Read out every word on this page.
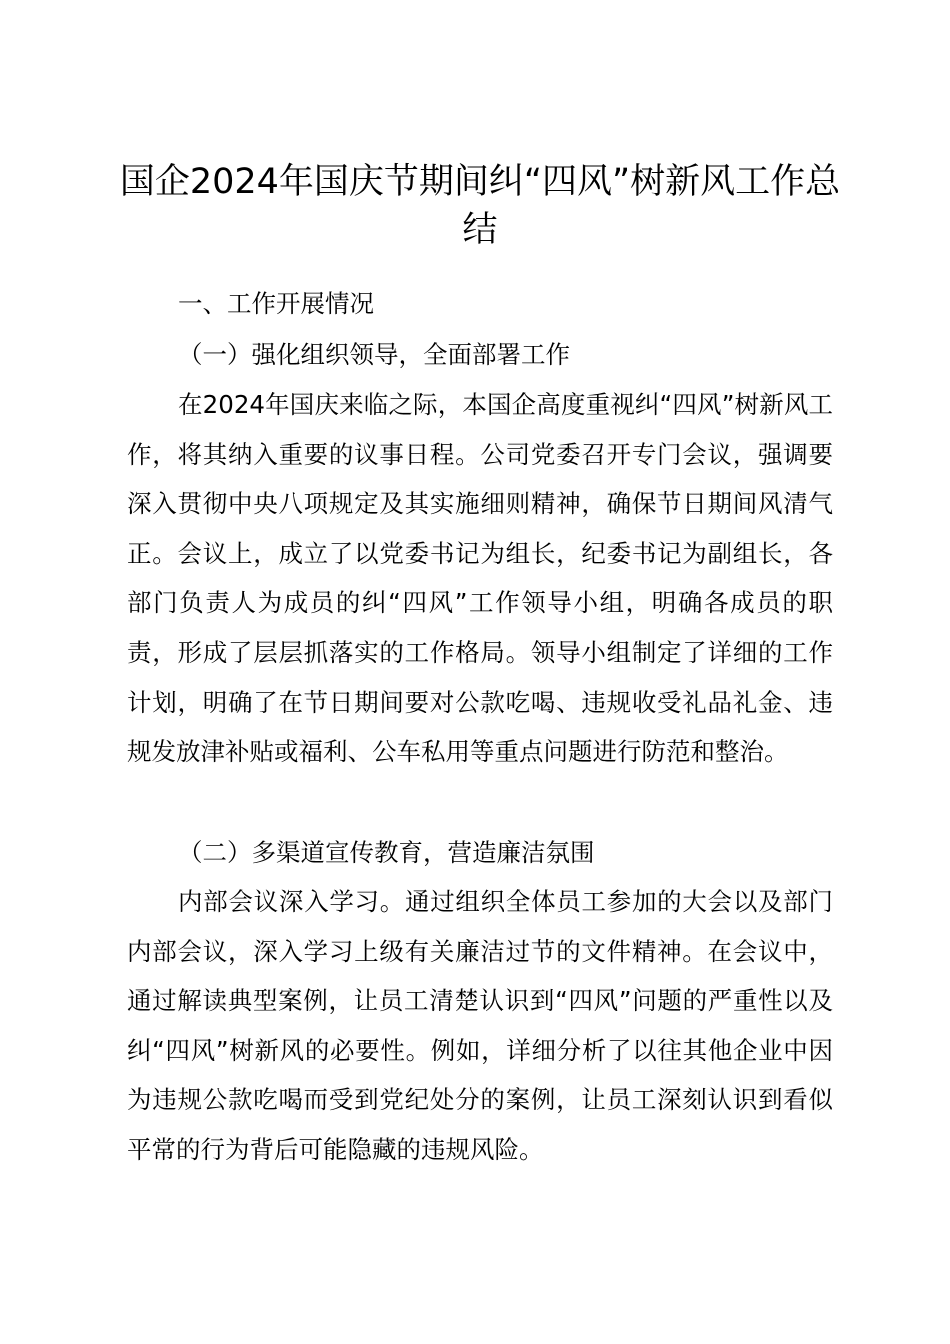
国企2024年国庆节期间纠“四风”树新风工作总结
一、工作开展情况
（一）强化组织领导，全面部署工作

在2024年国庆来临之际，本国企高度重视纠“四风”树新风工作，将其纳入重要的议事日程。公司党委召开专门会议，强调要深入贯彻中央八项规定及其实施细则精神，确保节日期间风清气正。会议上，成立了以党委书记为组长，纪委书记为副组长，各部门负责人为成员的纠“四风”工作领导小组，明确各成员的职责，形成了层层抓落实的工作格局。领导小组制定了详细的工作计划，明确了在节日期间要对公款吃喝、违规收受礼品礼金、违规发放津补贴或福利、公车私用等重点问题进行防范和整治。

（二）多渠道宣传教育，营造廉洁氛围

内部会议深入学习。通过组织全体员工参加的大会以及部门内部会议，深入学习上级有关廉洁过节的文件精神。在会议中，通过解读典型案例，让员工清楚认识到“四风”问题的严重性以及纠“四风”树新风的必要性。例如，详细分析了以往其他企业中因为违规公款吃喝而受到党纪处分的案例，让员工深刻认识到看似平常的行为背后可能隐藏的违规风险。
